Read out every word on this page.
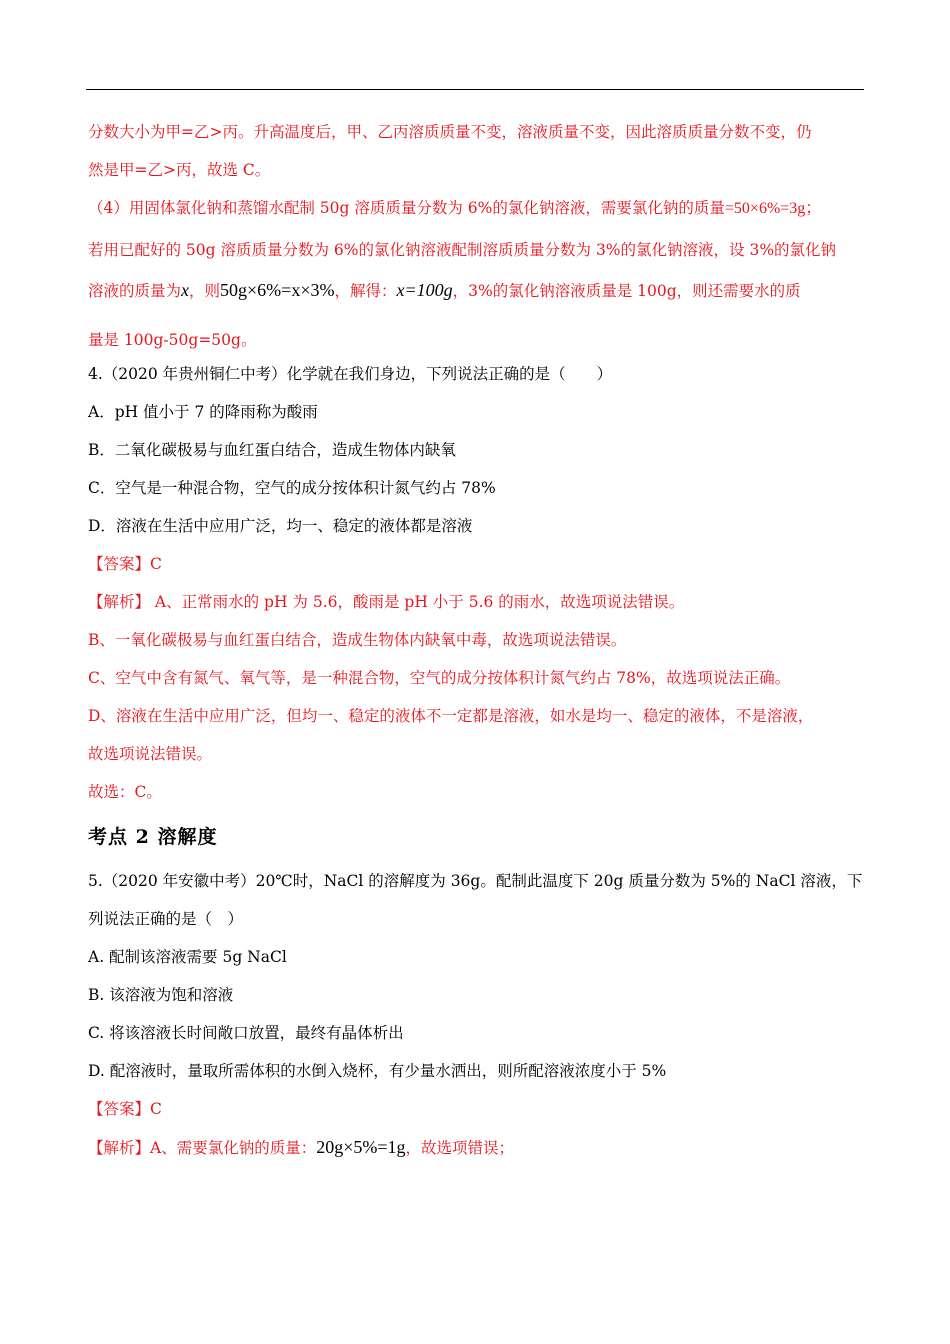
分数大小为甲=乙>丙。升高温度后，甲、乙丙溶质质量不变，溶液质量不变，因此溶质质量分数不变，仍
然是甲=乙>丙，故选 C。
（4）用固体氯化钠和蒸馏水配制 50g 溶质质量分数为 6%的氯化钠溶液，需要氯化钠的质量=50×6%=3g；
若用已配好的 50g 溶质质量分数为 6%的氯化钠溶液配制溶质质量分数为 3%的氯化钠溶液，设 3%的氯化钠
溶液的质量为x，则50g×6%=x×3%，解得：x=100g，3%的氯化钠溶液质量是 100g，则还需要水的质
量是 100g-50g=50g。
4.（2020 年贵州铜仁中考）化学就在我们身边，下列说法正确的是（　　）
A．pH 值小于 7 的降雨称为酸雨
B．二氧化碳极易与血红蛋白结合，造成生物体内缺氧
C．空气是一种混合物，空气的成分按体积计氮气约占 78%
D．溶液在生活中应用广泛，均一、稳定的液体都是溶液
【答案】C
【解析】 A、正常雨水的 pH 为 5.6，酸雨是 pH 小于 5.6 的雨水，故选项说法错误。
B、一氧化碳极易与血红蛋白结合，造成生物体内缺氧中毒，故选项说法错误。
C、空气中含有氮气、氧气等，是一种混合物，空气的成分按体积计氮气约占 78%，故选项说法正确。
D、溶液在生活中应用广泛，但均一、稳定的液体不一定都是溶液，如水是均一、稳定的液体，不是溶液，
故选项说法错误。
故选：C。
考点 2 溶解度
5.（2020 年安徽中考）20℃时，NaCl 的溶解度为 36g。配制此温度下 20g 质量分数为 5%的 NaCl 溶液，下
列说法正确的是（　）
A. 配制该溶液需要 5g NaCl
B. 该溶液为饱和溶液
C. 将该溶液长时间敞口放置，最终有晶体析出
D. 配溶液时，量取所需体积的水倒入烧杯，有少量水洒出，则所配溶液浓度小于 5%
【答案】C
【解析】A、需要氯化钠的质量：20g×5%=1g，故选项错误；
